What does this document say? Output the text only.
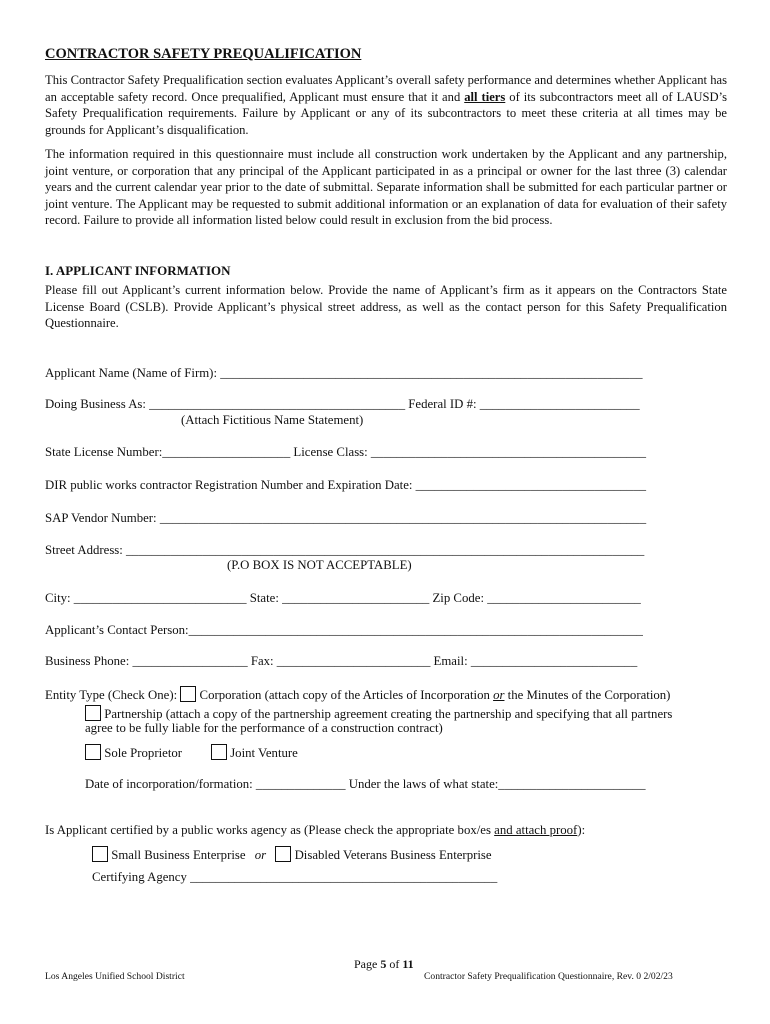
CONTRACTOR SAFETY PREQUALIFICATION
This Contractor Safety Prequalification section evaluates Applicant’s overall safety performance and determines whether Applicant has an acceptable safety record. Once prequalified, Applicant must ensure that it and all tiers of its subcontractors meet all of LAUSD’s Safety Prequalification requirements. Failure by Applicant or any of its subcontractors to meet these criteria at all times may be grounds for Applicant’s disqualification.
The information required in this questionnaire must include all construction work undertaken by the Applicant and any partnership, joint venture, or corporation that any principal of the Applicant participated in as a principal or owner for the last three (3) calendar years and the current calendar year prior to the date of submittal. Separate information shall be submitted for each particular partner or joint venture. The Applicant may be requested to submit additional information or an explanation of data for evaluation of their safety record. Failure to provide all information listed below could result in exclusion from the bid process.
I. APPLICANT INFORMATION
Please fill out Applicant’s current information below. Provide the name of Applicant’s firm as it appears on the Contractors State License Board (CSLB). Provide Applicant’s physical street address, as well as the contact person for this Safety Prequalification Questionnaire.
Applicant Name (Name of Firm): __________________________________________________________________
Doing Business As: ________________________________________ Federal ID #: _________________________
(Attach Fictitious Name Statement)
State License Number:____________________ License Class: ___________________________________________
DIR public works contractor Registration Number and Expiration Date: ____________________________________
SAP Vendor Number: ____________________________________________________________________________
Street Address: _________________________________________________________________________________
(P.O BOX IS NOT ACCEPTABLE)
City: ___________________________ State: _______________________ Zip Code: ________________________
Applicant’s Contact Person:_______________________________________________________________________
Business Phone: __________________ Fax: ________________________ Email: __________________________
Entity Type (Check One): Corporation (attach copy of the Articles of Incorporation or the Minutes of the Corporation)
Partnership (attach a copy of the partnership agreement creating the partnership and specifying that all partners
agree to be fully liable for the performance of a construction contract)
Sole Proprietor	Joint Venture
Date of incorporation/formation: ______________ Under the laws of what state:_______________________
Is Applicant certified by a public works agency as (Please check the appropriate box/es and attach proof):
Small Business Enterprise or Disabled Veterans Business Enterprise
Certifying Agency ________________________________________________
Page 5 of 11
Los Angeles Unified School District	Contractor Safety Prequalification Questionnaire, Rev. 0 2/02/23
